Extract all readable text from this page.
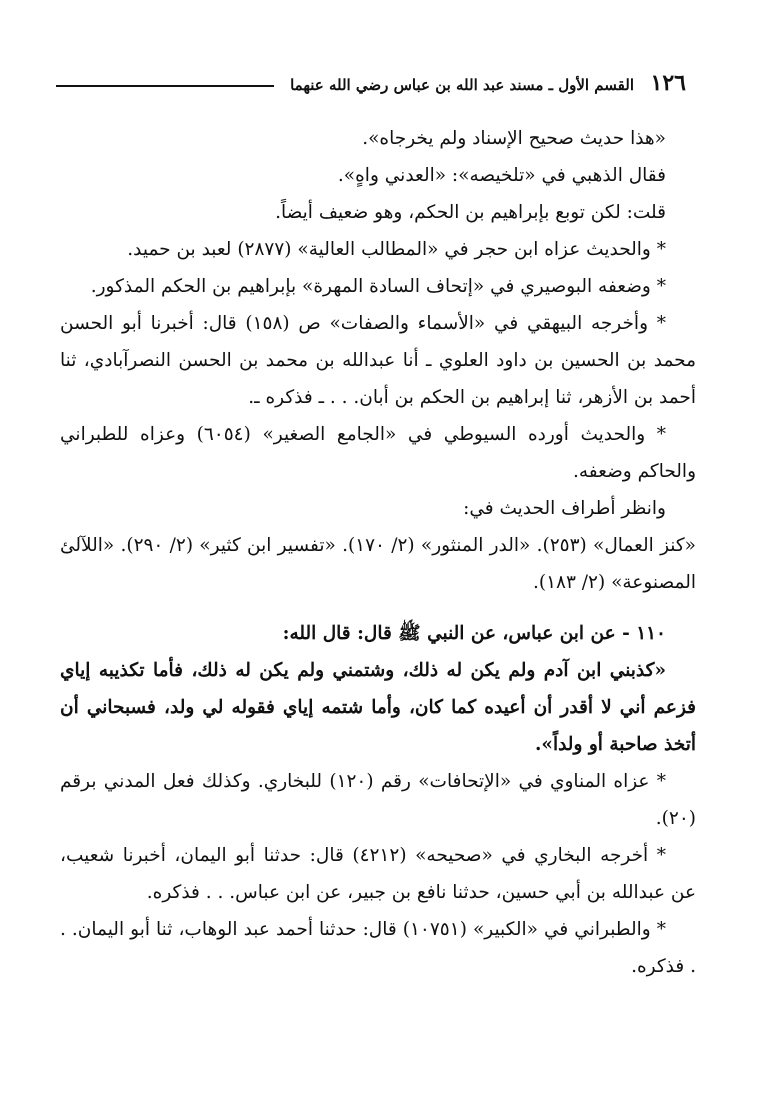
١٢٦
القسم الأول ـ مسند عبد الله بن عباس رضي الله عنهما

«هذا حديث صحيح الإسناد ولم يخرجاه».

فقال الذهبي في «تلخيصه»: «العدني واهٍ».

قلت: لكن توبع بإبراهيم بن الحكم، وهو ضعيف أيضاً.

* والحديث عزاه ابن حجر في «المطالب العالية» (٢٨٧٧) لعبد بن حميد.

* وضعفه البوصيري في «إتحاف السادة المهرة» بإبراهيم بن الحكم المذكور.

* وأخرجه البيهقي في «الأسماء والصفات» ص (١٥٨) قال: أخبرنا أبو الحسن محمد بن الحسين بن داود العلوي ـ أنا عبدالله بن محمد بن الحسن النصرآبادي، ثنا أحمد بن الأزهر، ثنا إبراهيم بن الحكم بن أبان. . . ـ فذكره ـ.

* والحديث أورده السيوطي في «الجامع الصغير» (٦٠٥٤) وعزاه للطبراني والحاكم وضعفه.

وانظر أطراف الحديث في:

«كنز العمال» (٢٥٣). «الدر المنثور» (٢/ ١٧٠). «تفسير ابن كثير» (٢/ ٢٩٠). «اللآلئ المصنوعة» (٢/ ١٨٣).

١١٠ - عن ابن عباس، عن النبي ﷺ قال: قال الله:

«كذبني ابن آدم ولم يكن له ذلك، وشتمني ولم يكن له ذلك، فأما تكذيبه إياي فزعم أني لا أقدر أن أعيده كما كان، وأما شتمه إياي فقوله لي ولد، فسبحاني أن أتخذ صاحبة أو ولداً».

* عزاه المناوي في «الإتحافات» رقم (١٢٠) للبخاري. وكذلك فعل المدني برقم (٢٠).

* أخرجه البخاري في «صحيحه» (٤٢١٢) قال: حدثنا أبو اليمان، أخبرنا شعيب، عن عبدالله بن أبي حسين، حدثنا نافع بن جبير، عن ابن عباس. . . فذكره.

* والطبراني في «الكبير» (١٠٧٥١) قال: حدثنا أحمد عبد الوهاب، ثنا أبو اليمان. . . فذكره.
